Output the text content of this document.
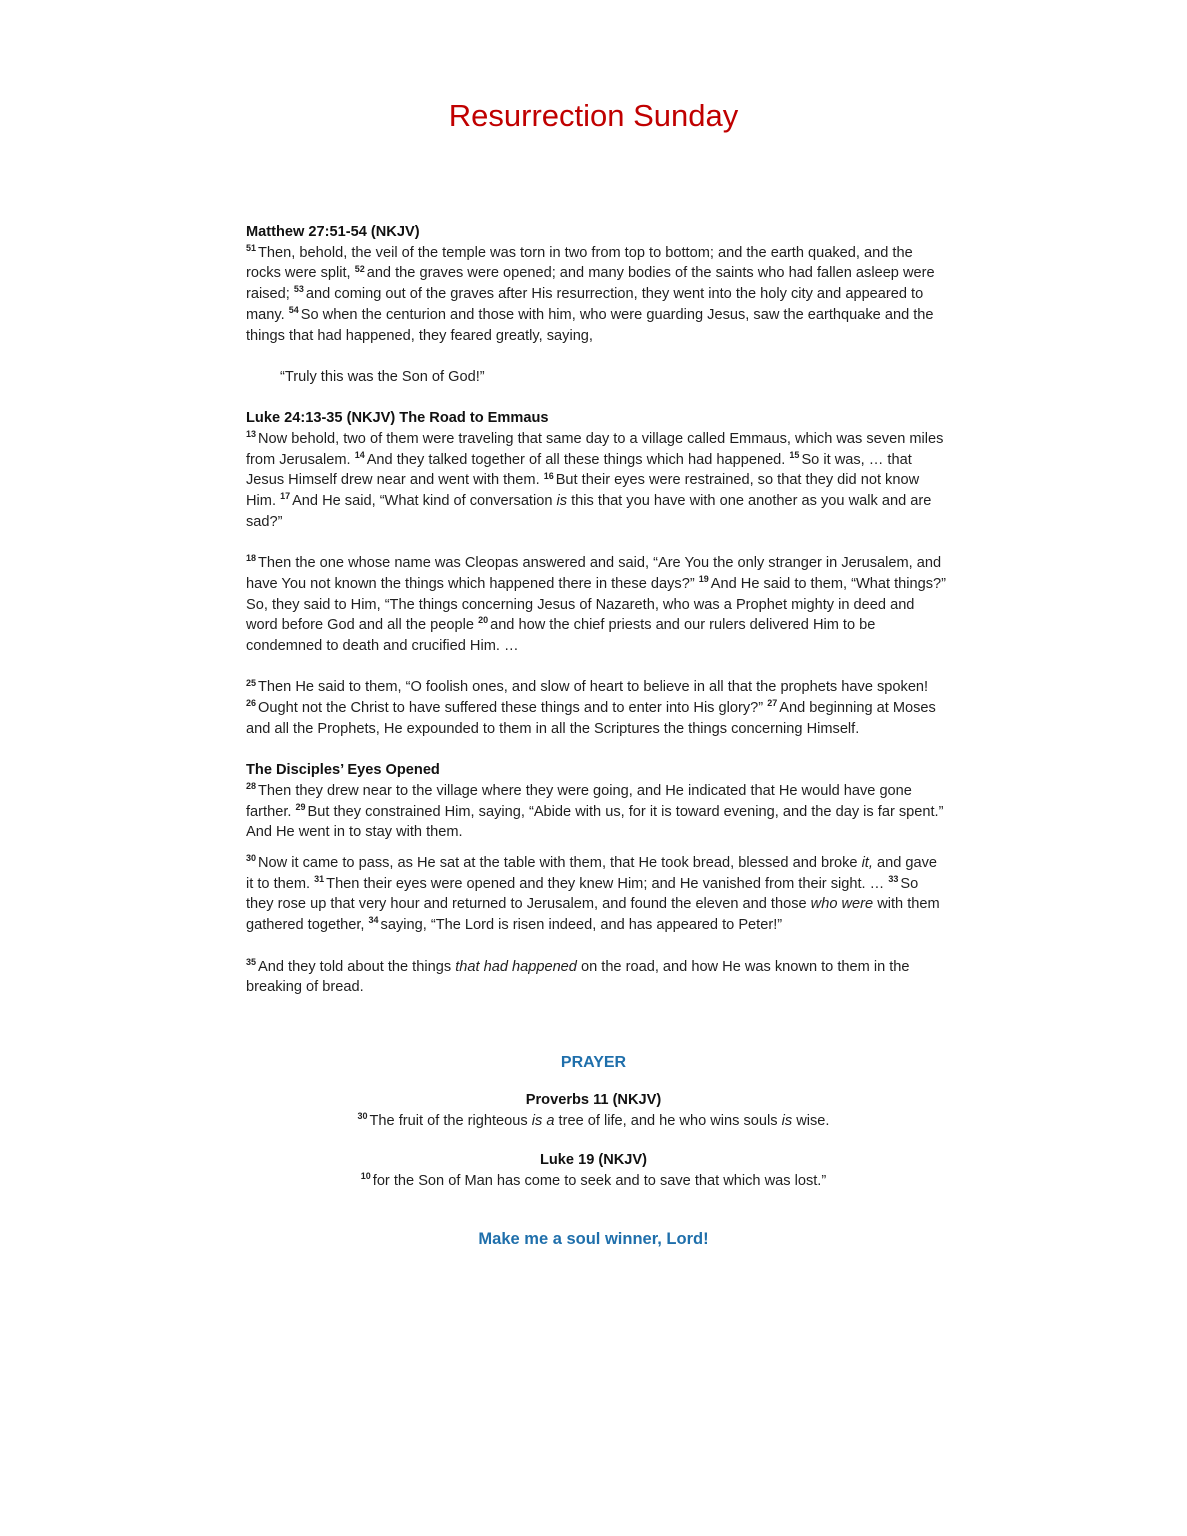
Resurrection Sunday

Matthew 27:51-54 (NKJV)

$^{51}$ Then, behold, the veil of the temple was torn in two from top to bottom; and the earth quaked, and the rocks were split, $^{52}$ and the graves were opened; and many bodies of the saints who had fallen asleep were raised; $^{53}$ and coming out of the graves after His resurrection, they went into the holy city and appeared to many. $^{54}$ So when the centurion and those with him, who were guarding Jesus, saw the earthquake and the things that had happened, they feared greatly, saying,

“Truly this was the Son of God!”

Luke 24:13-35 (NKJV) The Road to Emmaus

$^{13}$ Now behold, two of them were traveling that same day to a village called Emmaus, which was seven miles from Jerusalem. $^{14}$ And they talked together of all these things which had happened. $^{15}$ So it was, … that Jesus Himself drew near and went with them. $^{16}$ But their eyes were restrained, so that they did not know Him. $^{17}$ And He said, “What kind of conversation is this that you have with one another as you walk and are sad?”

$^{18}$ Then the one whose name was Cleopas answered and said, “Are You the only stranger in Jerusalem, and have You not known the things which happened there in these days?” $^{19}$ And He said to them, “What things?” So, they said to Him, “The things concerning Jesus of Nazareth, who was a Prophet mighty in deed and word before God and all the people $^{20}$ and how the chief priests and our rulers delivered Him to be condemned to death and crucified Him. …

$^{25}$ Then He said to them, “O foolish ones, and slow of heart to believe in all that the prophets have spoken! $^{26}$ Ought not the Christ to have suffered these things and to enter into His glory?” $^{27}$ And beginning at Moses and all the Prophets, He expounded to them in all the Scriptures the things concerning Himself.

The Disciples’ Eyes Opened

$^{28}$ Then they drew near to the village where they were going, and He indicated that He would have gone farther. $^{29}$ But they constrained Him, saying, “Abide with us, for it is toward evening, and the day is far spent.” And He went in to stay with them.

$^{30}$ Now it came to pass, as He sat at the table with them, that He took bread, blessed and broke it, and gave it to them. $^{31}$ Then their eyes were opened and they knew Him; and He vanished from their sight. … $^{33}$ So they rose up that very hour and returned to Jerusalem, and found the eleven and those who were with them gathered together, $^{34}$ saying, “The Lord is risen indeed, and has appeared to Peter!”

$^{35}$ And they told about the things that had happened on the road, and how He was known to them in the breaking of bread.

PRAYER
Proverbs 11 (NKJV)
$^{30}$ The fruit of the righteous is a tree of life, and he who wins souls is wise.
Luke 19 (NKJV)
$^{10}$ for the Son of Man has come to seek and to save that which was lost.”
Make me a soul winner, Lord!
